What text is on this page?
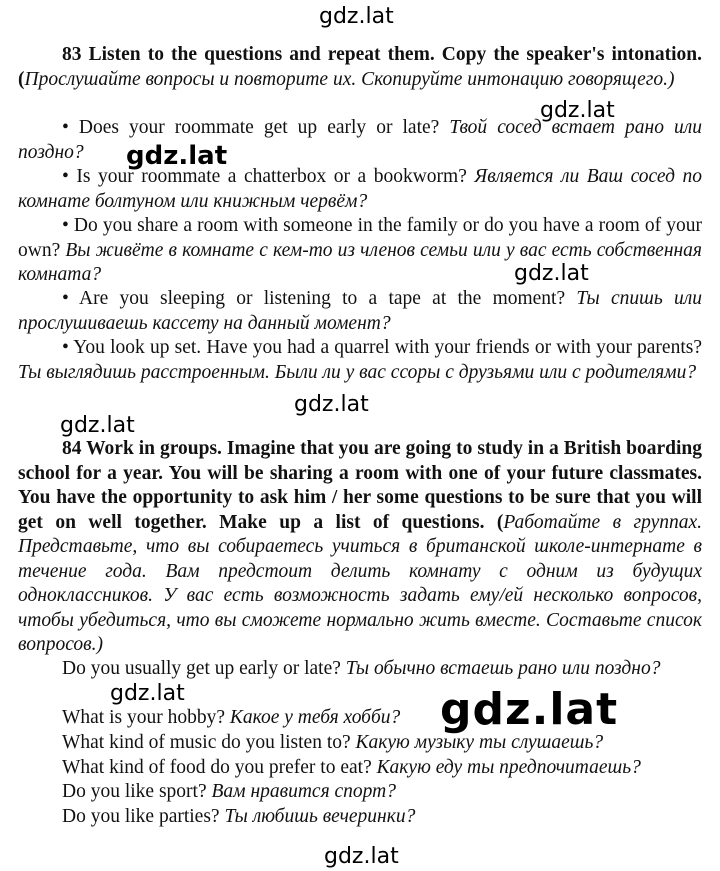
83 Listen to the questions and repeat them. Copy the speaker's intonation. (Прослушайте вопросы и повторите их. Скопируйте интонацию говорящего.)

• Does your roommate get up early or late? Твой сосед встает рано или поздно?

• Is your roommate a chatterbox or a bookworm? Является ли Ваш сосед по комнате болтуном или книжным червём?

• Do you share a room with someone in the family or do you have a room of your own? Вы живёте в комнате с кем-то из членов семьи или у вас есть собственная комната?

• Are you sleeping or listening to a tape at the moment? Ты спишь или прослушиваешь кассету на данный момент?

• You look up set. Have you had a quarrel with your friends or with your parents? Ты выглядишь расстроенным. Были ли у вас ссоры с друзьями или с родителями?

84 Work in groups. Imagine that you are going to study in a British boarding school for a year. You will be sharing a room with one of your future classmates. You have the opportunity to ask him / her some questions to be sure that you will get on well together. Make up a list of questions. (Работайте в группах. Представьте, что вы собираетесь учиться в британской школе-интернате в течение года. Вам предстоит делить комнату с одним из будущих одноклассников. У вас есть возможность задать ему/ей несколько вопросов, чтобы убедиться, что вы сможете нормально жить вместе. Составьте список вопросов.)

Do you usually get up early or late? Ты обычно встаешь рано или поздно?

What is your hobby? Какое у тебя хобби?
What kind of music do you listen to? Какую музыку ты слушаешь?
What kind of food do you prefer to eat? Какую еду ты предпочитаешь?
Do you like sport? Вам нравится спорт?
Do you like parties? Ты любишь вечеринки?
gdz.lat
gdz.lat
gdz.lat
gdz.lat
gdz.lat
gdz.lat
gdz.lat	gdz.lat
gdz.lat
